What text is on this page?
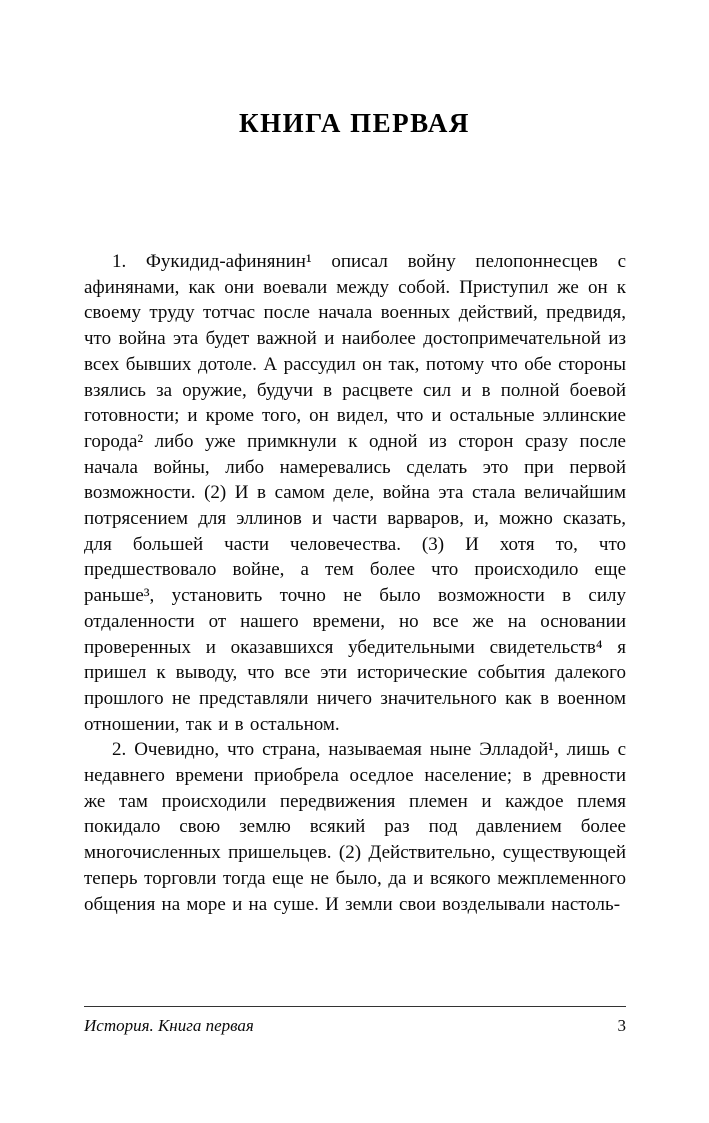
КНИГА ПЕРВАЯ

1. Фукидид-афинянин¹ описал войну пелопоннесцев с афинянами, как они воевали между собой. Приступил же он к своему труду тотчас после начала военных действий, предвидя, что война эта будет важной и наиболее достопримечательной из всех бывших дотоле. А рассудил он так, потому что обе стороны взялись за оружие, будучи в расцвете сил и в полной боевой готовности; и кроме того, он видел, что и остальные эллинские города² либо уже примкнули к одной из сторон сразу после начала войны, либо намеревались сделать это при первой возможности. (2) И в самом деле, война эта стала величайшим потрясением для эллинов и части варваров, и, можно сказать, для большей части человечества. (3) И хотя то, что предшествовало войне, а тем более что происходило еще раньше³, установить точно не было возможности в силу отдаленности от нашего времени, но все же на основании проверенных и оказавшихся убедительными свидетельств⁴ я пришел к выводу, что все эти исторические события далекого прошлого не представляли ничего значительного как в военном отношении, так и в остальном.

2. Очевидно, что страна, называемая ныне Элладой¹, лишь с недавнего времени приобрела оседлое население; в древности же там происходили передвижения племен и каждое племя покидало свою землю всякий раз под давлением более многочисленных пришельцев. (2) Действительно, существующей теперь торговли тогда еще не было, да и всякого межплеменного общения на море и на суше. И земли свои возделывали настоль-

История. Книга первая	3
